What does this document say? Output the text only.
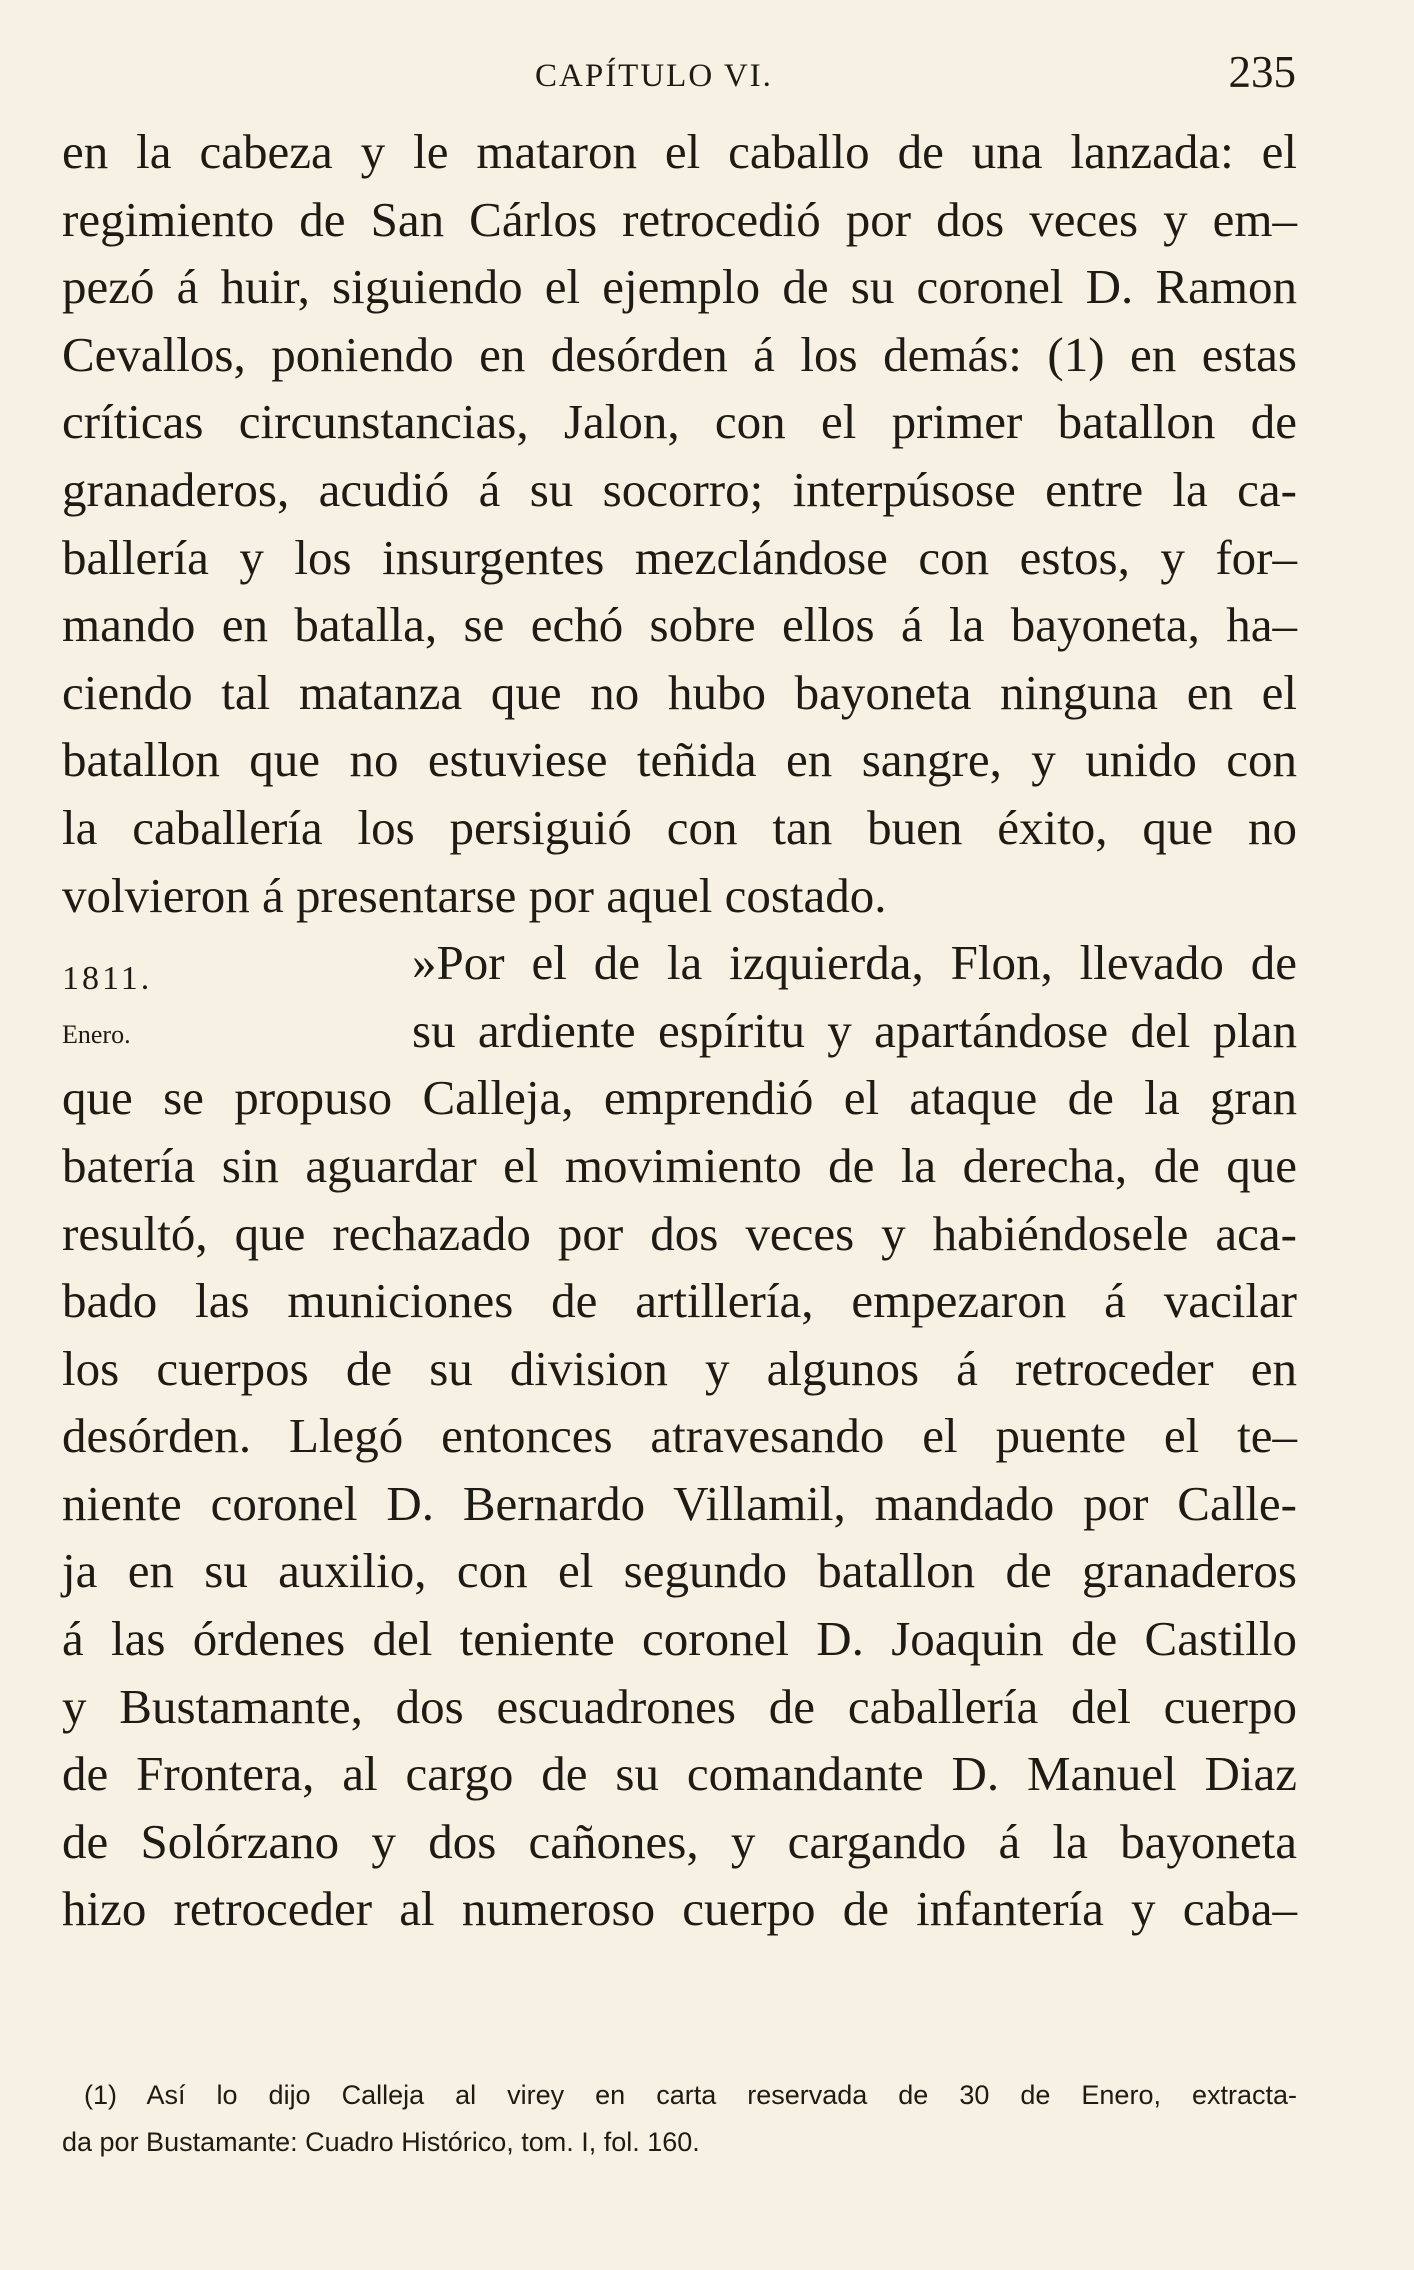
CAPÍTULO VI.	235
1811.
Enero.
en la cabeza y le mataron el caballo de una lanzada: el
regimiento de San Cárlos retrocedió por dos veces y em–
pezó á huir, siguiendo el ejemplo de su coronel D. Ramon
Cevallos, poniendo en desórden á los demás: (1) en estas
críticas circunstancias, Jalon, con el primer batallon de
granaderos, acudió á su socorro; interpúsose entre la ca-
ballería y los insurgentes mezclándose con estos, y for–
mando en batalla, se echó sobre ellos á la bayoneta, ha–
ciendo tal matanza que no hubo bayoneta ninguna en el
batallon que no estuviese teñida en sangre, y unido con
la caballería los persiguió con tan buen éxito, que no
volvieron á presentarse por aquel costado.
»Por el de la izquierda, Flon, llevado de
su ardiente espíritu y apartándose del plan
que se propuso Calleja, emprendió el ataque de la gran
batería sin aguardar el movimiento de la derecha, de que
resultó, que rechazado por dos veces y habiéndosele aca-
bado las municiones de artillería, empezaron á vacilar
los cuerpos de su division y algunos á retroceder en
desórden. Llegó entonces atravesando el puente el te–
niente coronel D. Bernardo Villamil, mandado por Calle-
ja en su auxilio, con el segundo batallon de granaderos
á las órdenes del teniente coronel D. Joaquin de Castillo
y Bustamante, dos escuadrones de caballería del cuerpo
de Frontera, al cargo de su comandante D. Manuel Diaz
de Solórzano y dos cañones, y cargando á la bayoneta
hizo retroceder al numeroso cuerpo de infantería y caba–
(1) Así lo dijo Calleja al virey en carta reservada de 30 de Enero, extracta-
da por Bustamante: Cuadro Histórico, tom. I, fol. 160.
